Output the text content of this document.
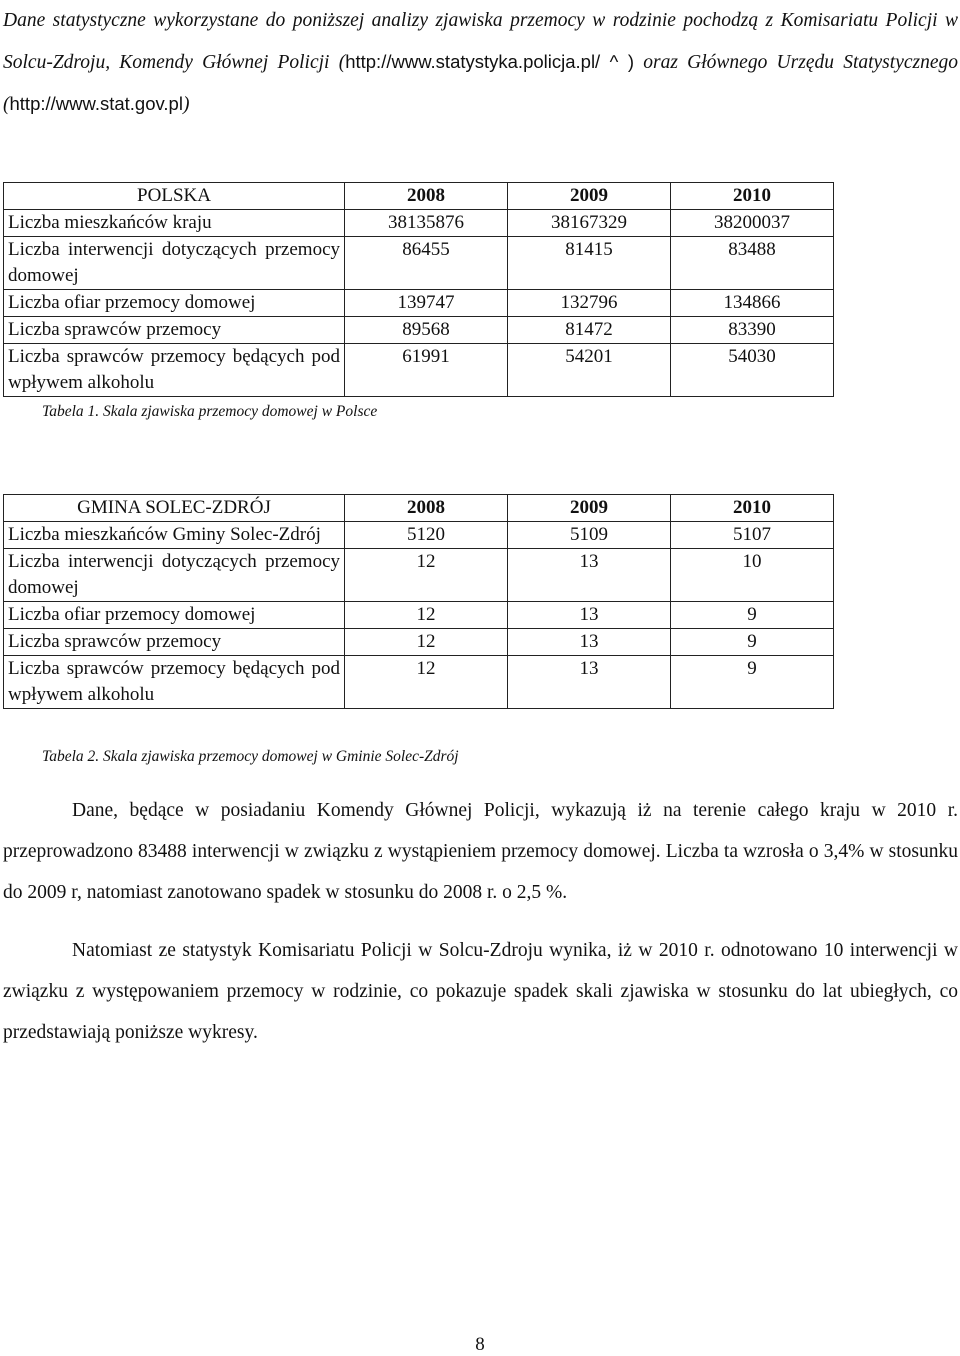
Dane statystyczne wykorzystane do poniższej analizy zjawiska przemocy w rodzinie pochodzą z Komisariatu Policji w Solcu-Zdroju, Komendy Głównej Policji (http://www.statystyka.policja.pl/ ^ ) oraz Głównego Urzędu Statystycznego (http://www.stat.gov.pl)
POLSKA	2008	2009	2010
Liczba mieszkańców kraju	38135876	38167329	38200037
Liczba interwencji dotyczących przemocy domowej	86455	81415	83488
Liczba ofiar przemocy domowej	139747	132796	134866
Liczba sprawców przemocy	89568	81472	83390
Liczba sprawców przemocy będących pod wpływem alkoholu	61991	54201	54030
Tabela 1. Skala zjawiska przemocy domowej w Polsce
GMINA SOLEC-ZDRÓJ	2008	2009	2010
Liczba mieszkańców Gminy Solec-Zdrój	5120	5109	5107
Liczba interwencji dotyczących przemocy domowej	12	13	10
Liczba ofiar przemocy domowej	12	13	9
Liczba sprawców przemocy	12	13	9
Liczba sprawców przemocy będących pod wpływem alkoholu	12	13	9
Tabela 2. Skala zjawiska przemocy domowej w Gminie Solec-Zdrój
Dane, będące w posiadaniu Komendy Głównej Policji, wykazują iż na terenie całego kraju w 2010 r. przeprowadzono 83488 interwencji w związku z wystąpieniem przemocy domowej. Liczba ta wzrosła o 3,4% w stosunku do 2009 r, natomiast zanotowano spadek w stosunku do 2008 r. o 2,5 %.
Natomiast ze statystyk Komisariatu Policji w Solcu-Zdroju wynika, iż w 2010 r. odnotowano 10 interwencji w związku z występowaniem przemocy w rodzinie, co pokazuje spadek skali zjawiska w stosunku do lat ubiegłych, co przedstawiają poniższe wykresy.
8
